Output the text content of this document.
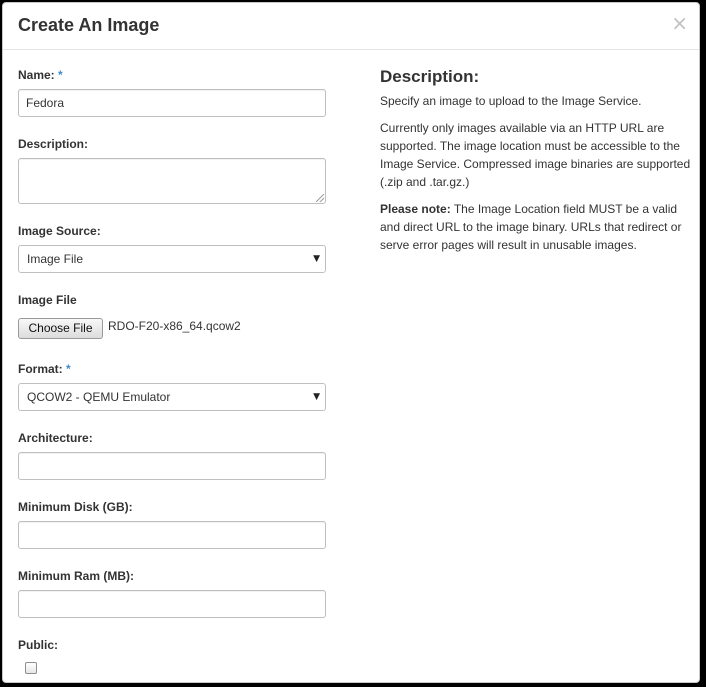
Create An Image	×
Name: *
Fedora
Description:
Image Source:
Image File	▼
Image File
Choose File	RDO-F20-x86_64.qcow2
Format: *
QCOW2 - QEMU Emulator	▼
Architecture:
Minimum Disk (GB):
Minimum Ram (MB):
Public:
Description:

Specify an image to upload to the Image Service.

Currently only images available via an HTTP URL are supported. The image location must be accessible to the Image Service. Compressed image binaries are supported (.zip and .tar.gz.)

Please note: The Image Location field MUST be a valid and direct URL to the image binary. URLs that redirect or serve error pages will result in unusable images.
